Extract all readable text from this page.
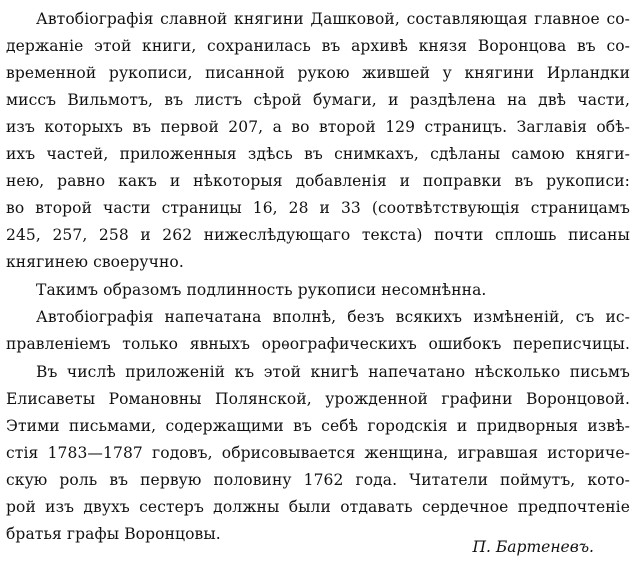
Автобіографія славной княгини Дашковой, составляющая главное со-
держаніе этой книги, сохранилась въ архивѣ князя Воронцова въ со-
временной рукописи, писанной рукою жившей у княгини Ирландки
миссъ Вильмотъ, въ листъ сѣрой бумаги, и раздѣлена на двѣ части,
изъ которыхъ въ первой 207, а во второй 129 страницъ. Заглавія обѣ-
ихъ частей, приложенныя здѣсь въ снимкахъ, сдѣланы самою княги-
нею, равно какъ и нѣкоторыя добавленія и поправки въ рукописи:
во второй части страницы 16, 28 и 33 (соотвѣтствующія страницамъ
245, 257, 258 и 262 нижеслѣдующаго текста) почти сплошь писаны
княгинею своеручно.
Такимъ образомъ подлинность рукописи несомнѣнна.
Автобіографія напечатана вполнѣ, безъ всякихъ измѣненій, съ ис-
правленіемъ только явныхъ орѳографическихъ ошибокъ переписчицы.
Въ числѣ приложеній къ этой книгѣ напечатано нѣсколько письмъ
Елисаветы Романовны Полянской, урожденной графини Воронцовой.
Этими письмами, содержащими въ себѣ городскія и придворныя извѣ-
стія 1783—1787 годовъ, обрисовывается женщина, игравшая историче-
скую роль въ первую половину 1762 года. Читатели поймутъ, кото-
рой изъ двухъ сестеръ должны были отдавать сердечное предпочтеніе
братья графы Воронцовы.
П. Бартеневъ.
